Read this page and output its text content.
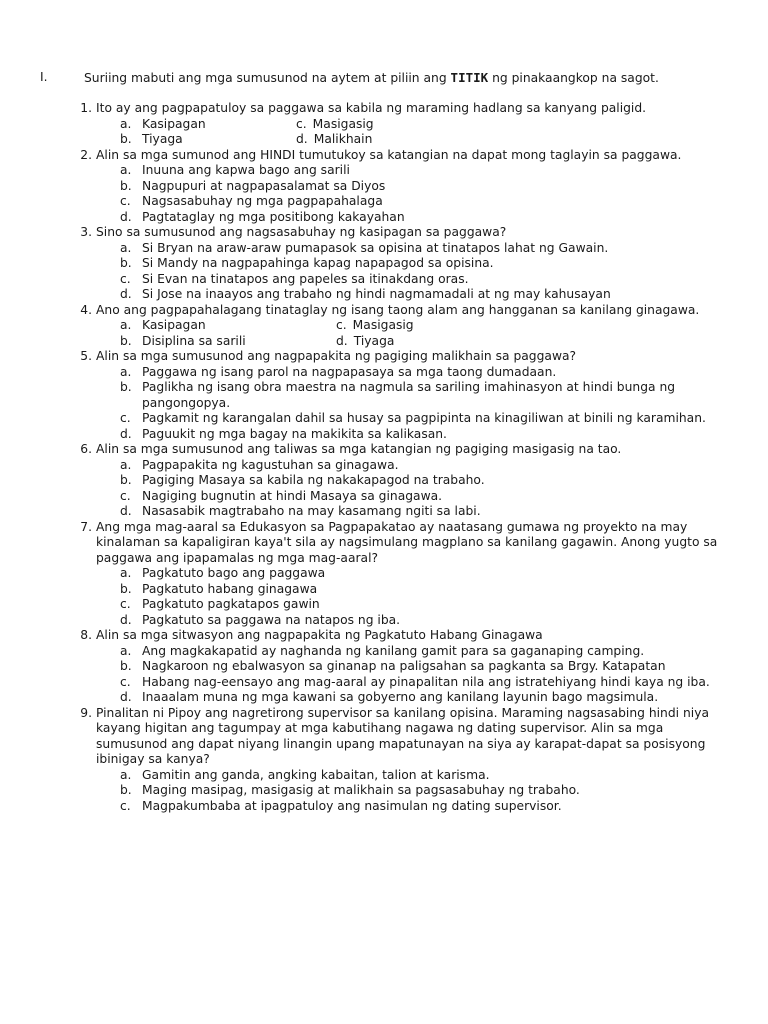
I.	Suriing mabuti ang mga sumusunod na aytem at piliin ang TITIK ng pinakaangkop na sagot.
1. Ito ay ang pagpapatuloy sa paggawa sa kabila ng maraming hadlang sa kanyang paligid.
a. Kasipagan	c. Masigasig
b. Tiyaga	d. Malikhain
2. Alin sa mga sumunod ang HINDI tumutukoy sa katangian na dapat mong taglayin sa paggawa.
a. Inuuna ang kapwa bago ang sarili
b. Nagpupuri at nagpapasalamat sa Diyos
c. Nagsasabuhay ng mga pagpapahalaga
d. Pagtataglay ng mga positibong kakayahan
3. Sino sa sumusunod ang nagsasabuhay ng kasipagan sa paggawa?
a. Si Bryan na araw-araw pumapasok sa opisina at tinatapos lahat ng Gawain.
b. Si Mandy na nagpapahinga kapag napapagod sa opisina.
c. Si Evan na tinatapos ang papeles sa itinakdang oras.
d. Si Jose na inaayos ang trabaho ng hindi nagmamadali at ng may kahusayan
4. Ano ang pagpapahalagang tinataglay ng isang taong alam ang hangganan sa kanilang ginagawa.
a. Kasipagan	c. Masigasig
b. Disiplina sa sarili	d. Tiyaga
5. Alin sa mga sumusunod ang nagpapakita ng pagiging malikhain sa paggawa?
a. Paggawa ng isang parol na nagpapasaya sa mga taong dumadaan.
b. Paglikha ng isang obra maestra na nagmula sa sariling imahinasyon at hindi bunga ng pangongopya.
c. Pagkamit ng karangalan dahil sa husay sa pagpipinta na kinagiliwan at binili ng karamihan.
d. Paguukit ng mga bagay na makikita sa kalikasan.
6. Alin sa mga sumusunod ang taliwas sa mga katangian ng pagiging masigasig na tao.
a. Pagpapakita ng kagustuhan sa ginagawa.
b. Pagiging Masaya sa kabila ng nakakapagod na trabaho.
c. Nagiging bugnutin at hindi Masaya sa ginagawa.
d. Nasasabik magtrabaho na may kasamang ngiti sa labi.
7. Ang mga mag-aaral sa Edukasyon sa Pagpapakatao ay naatasang gumawa ng proyekto na may kinalaman sa kapaligiran kaya't sila ay nagsimulang magplano sa kanilang gagawin. Anong yugto sa paggawa ang ipapamalas ng mga mag-aaral?
a. Pagkatuto bago ang paggawa
b. Pagkatuto habang ginagawa
c. Pagkatuto pagkatapos gawin
d. Pagkatuto sa paggawa na natapos ng iba.
8. Alin sa mga sitwasyon ang nagpapakita ng Pagkatuto Habang Ginagawa
a. Ang magkakapatid ay naghanda ng kanilang gamit para sa gaganaping camping.
b. Nagkaroon ng ebalwasyon sa ginanap na paligsahan sa pagkanta sa Brgy. Katapatan
c. Habang nag-eensayo ang mag-aaral ay pinapalitan nila ang istratehiyang hindi kaya ng iba.
d. Inaaalam muna ng mga kawani sa gobyerno ang kanilang layunin bago magsimula.
9. Pinalitan ni Pipoy ang nagretirong supervisor sa kanilang opisina. Maraming nagsasabing hindi niya kayang higitan ang tagumpay at mga kabutihang nagawa ng dating supervisor. Alin sa mga sumusunod ang dapat niyang linangin upang mapatunayan na siya ay karapat-dapat sa posisyong ibinigay sa kanya?
a. Gamitin ang ganda, angking kabaitan, talion at karisma.
b. Maging masipag, masigasig at malikhain sa pagsasabuhay ng trabaho.
c. Magpakumbaba at ipagpatuloy ang nasimulan ng dating supervisor.
